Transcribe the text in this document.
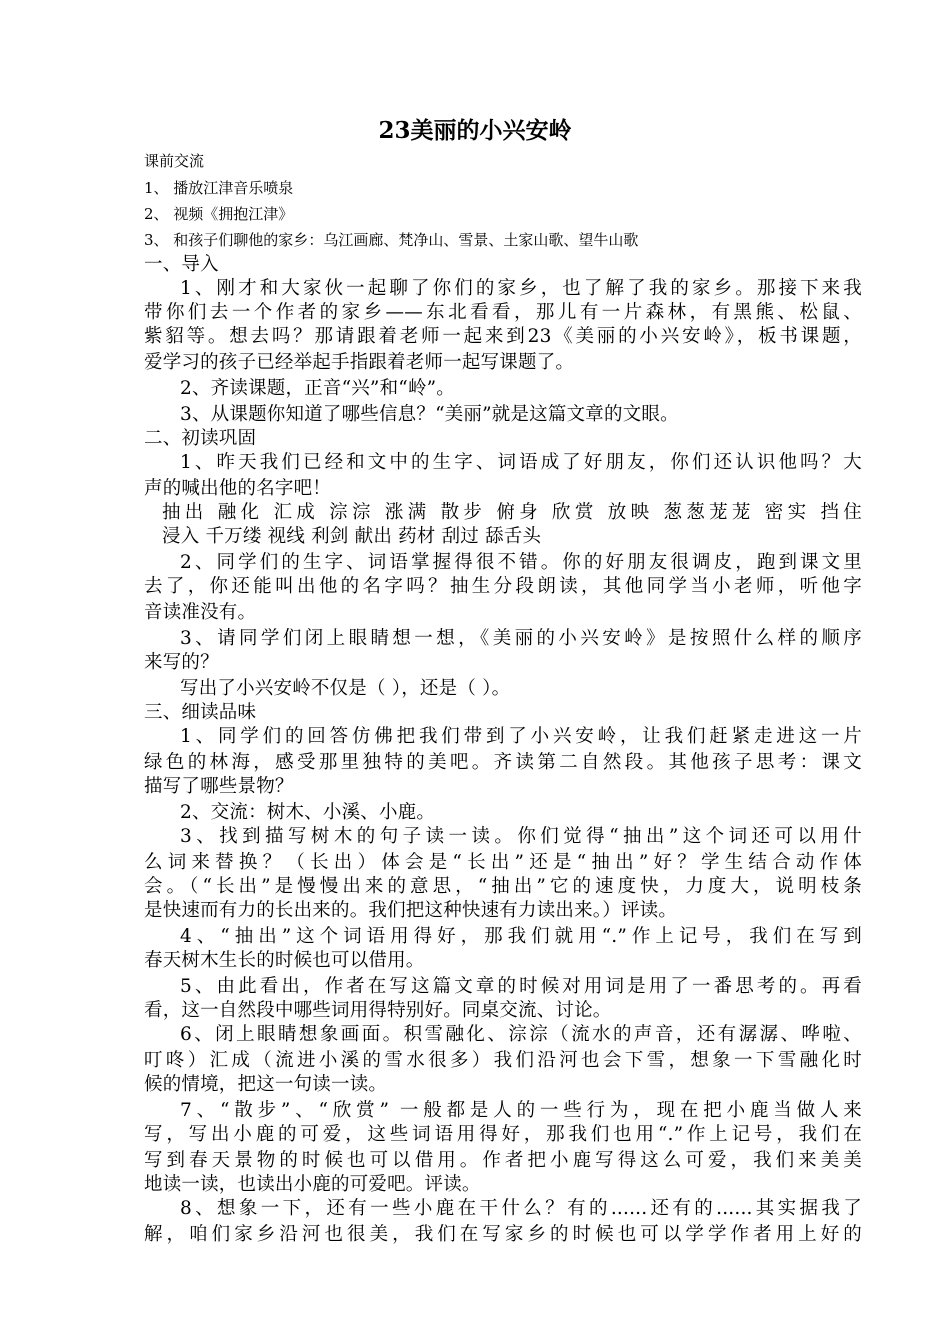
23美丽的小兴安岭
课前交流
1、 播放江津音乐喷泉
2、 视频《拥抱江津》
3、 和孩子们聊他的家乡：乌江画廊、梵净山、雪景、土家山歌、望牛山歌
一、导入
1、刚才和大家伙一起聊了你们的家乡，也了解了我的家乡。那接下来我
带你们去一个作者的家乡——东北看看，那儿有一片森林，有黑熊、松鼠、
紫貂等。想去吗？那请跟着老师一起来到23《美丽的小兴安岭》，板书课题，
爱学习的孩子已经举起手指跟着老师一起写课题了。
2、齐读课题，正音“兴”和“岭”。
3、从课题你知道了哪些信息？“美丽”就是这篇文章的文眼。
二、初读巩固
1、昨天我们已经和文中的生字、词语成了好朋友，你们还认识他吗？大
声的喊出他的名字吧！
抽出 融化 汇成 淙淙 涨满 散步 俯身 欣赏 放映 葱葱茏茏 密实 挡住
浸入 千万缕 视线 利剑 献出 药材 刮过 舔舌头
2、同学们的生字、词语掌握得很不错。你的好朋友很调皮，跑到课文里
去了，你还能叫出他的名字吗？抽生分段朗读，其他同学当小老师，听他字
音读准没有。
3、请同学们闭上眼睛想一想，《美丽的小兴安岭》是按照什么样的顺序
来写的？
写出了小兴安岭不仅是（ ），还是（ ）。
三、细读品味
1、同学们的回答仿佛把我们带到了小兴安岭，让我们赶紧走进这一片
绿色的林海，感受那里独特的美吧。齐读第二自然段。其他孩子思考：课文
描写了哪些景物？
2、交流：树木、小溪、小鹿。
3、找到描写树木的句子读一读。你们觉得“抽出”这个词还可以用什
么词来替换？（长出）体会是“长出”还是“抽出”好？学生结合动作体
会。（“长出”是慢慢出来的意思，“抽出”它的速度快，力度大，说明枝条
是快速而有力的长出来的。我们把这种快速有力读出来。）评读。
4、“抽出”这个词语用得好，那我们就用“.”作上记号，我们在写到
春天树木生长的时候也可以借用。
5、由此看出，作者在写这篇文章的时候对用词是用了一番思考的。再看
看，这一自然段中哪些词用得特别好。同桌交流、讨论。
6、闭上眼睛想象画面。积雪融化、淙淙（流水的声音，还有潺潺、哗啦、
叮咚）汇成（流进小溪的雪水很多）我们沿河也会下雪，想象一下雪融化时
候的情境，把这一句读一读。
7、“散步”、“欣赏” 一般都是人的一些行为，现在把小鹿当做人来
写，写出小鹿的可爱，这些词语用得好，那我们也用“.”作上记号，我们在
写到春天景物的时候也可以借用。作者把小鹿写得这么可爱，我们来美美
地读一读，也读出小鹿的可爱吧。评读。
8、想象一下，还有一些小鹿在干什么？有的......还有的......其实据我了
解，咱们家乡沿河也很美，我们在写家乡的时候也可以学学作者用上好的
